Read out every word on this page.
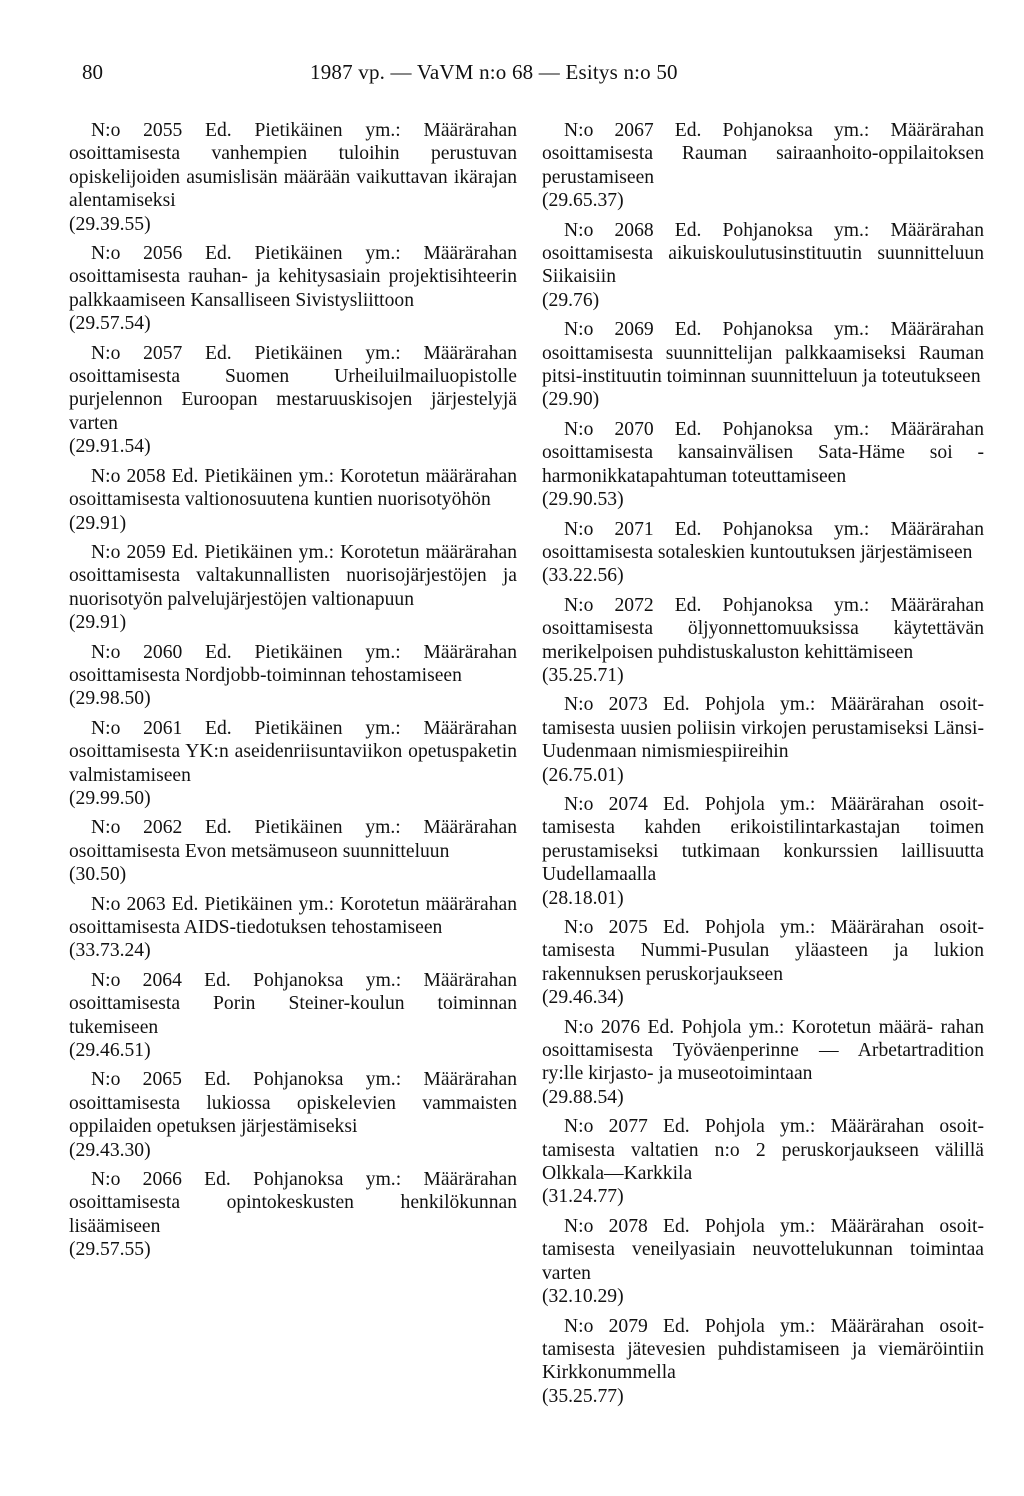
80	1987 vp. — VaVM n:o 68 — Esitys n:o 50
N:o 2055 Ed. Pietikäinen ym.: Määrärahan osoittamisesta vanhempien tuloihin perustuvan opiskelijoiden asumislisän määrään vaikuttavan ikärajan alentamiseksi
(29.39.55)
N:o 2056 Ed. Pietikäinen ym.: Määrärahan osoittamisesta rauhan- ja kehitysasiain projektisihteerin palkkaamiseen Kansalliseen Sivistysliittoon
(29.57.54)
N:o 2057 Ed. Pietikäinen ym.: Määrärahan osoittamisesta Suomen Urheiluilmailuopistolle purjelennon Euroopan mestaruuskisojen järjestelyjä varten
(29.91.54)
N:o 2058 Ed. Pietikäinen ym.: Korotetun määrärahan osoittamisesta valtionosuutena kuntien nuorisotyöhön
(29.91)
N:o 2059 Ed. Pietikäinen ym.: Korotetun määrärahan osoittamisesta valtakunnallisten nuorisojärjestöjen ja nuorisotyön palvelujärjestöjen valtionapuun
(29.91)
N:o 2060 Ed. Pietikäinen ym.: Määrärahan osoittamisesta Nordjobb-toiminnan tehostamiseen
(29.98.50)
N:o 2061 Ed. Pietikäinen ym.: Määrärahan osoittamisesta YK:n aseidenriisuntaviikon opetuspaketin valmistamiseen
(29.99.50)
N:o 2062 Ed. Pietikäinen ym.: Määrärahan osoittamisesta Evon metsämuseon suunnitteluun
(30.50)
N:o 2063 Ed. Pietikäinen ym.: Korotetun määrärahan osoittamisesta AIDS-tiedotuksen tehostamiseen
(33.73.24)
N:o 2064 Ed. Pohjanoksa ym.: Määrärahan osoittamisesta Porin Steiner-koulun toiminnan tukemiseen
(29.46.51)
N:o 2065 Ed. Pohjanoksa ym.: Määrärahan osoittamisesta lukiossa opiskelevien vammaisten oppilaiden opetuksen järjestämiseksi
(29.43.30)
N:o 2066 Ed. Pohjanoksa ym.: Määrärahan osoittamisesta opintokeskusten henkilökunnan lisäämiseen
(29.57.55)
N:o 2067 Ed. Pohjanoksa ym.: Määrärahan osoittamisesta Rauman sairaanhoito-oppilaitoksen perustamiseen
(29.65.37)
N:o 2068 Ed. Pohjanoksa ym.: Määrärahan osoittamisesta aikuiskoulutusinstituutin suunnitteluun Siikaisiin
(29.76)
N:o 2069 Ed. Pohjanoksa ym.: Määrärahan osoittamisesta suunnittelijan palkkaamiseksi Rauman pitsi-instituutin toiminnan suunnitteluun ja toteutukseen
(29.90)
N:o 2070 Ed. Pohjanoksa ym.: Määrärahan osoittamisesta kansainvälisen Sata-Häme soi -harmonikkatapahtuman toteuttamiseen
(29.90.53)
N:o 2071 Ed. Pohjanoksa ym.: Määrärahan osoittamisesta sotaleskien kuntoutuksen järjestämiseen
(33.22.56)
N:o 2072 Ed. Pohjanoksa ym.: Määrärahan osoittamisesta öljyonnettomuuksissa käytettävän merikelpoisen puhdistuskaluston kehittämiseen
(35.25.71)
N:o 2073 Ed. Pohjola ym.: Määrärahan osoit- tamisesta uusien poliisin virkojen perustamiseksi Länsi-Uudenmaan nimismiespiireihin
(26.75.01)
N:o 2074 Ed. Pohjola ym.: Määrärahan osoit- tamisesta kahden erikoistilintarkastajan toimen perustamiseksi tutkimaan konkurssien laillisuutta Uudellamaalla
(28.18.01)
N:o 2075 Ed. Pohjola ym.: Määrärahan osoit- tamisesta Nummi-Pusulan yläasteen ja lukion rakennuksen peruskorjaukseen
(29.46.34)
N:o 2076 Ed. Pohjola ym.: Korotetun määrä- rahan osoittamisesta Työväenperinne — Arbetartradition ry:lle kirjasto- ja museotoimintaan
(29.88.54)
N:o 2077 Ed. Pohjola ym.: Määrärahan osoit- tamisesta valtatien n:o 2 peruskorjaukseen välillä Olkkala—Karkkila
(31.24.77)
N:o 2078 Ed. Pohjola ym.: Määrärahan osoit- tamisesta veneilyasiain neuvottelukunnan toimintaa varten
(32.10.29)
N:o 2079 Ed. Pohjola ym.: Määrärahan osoit- tamisesta jätevesien puhdistamiseen ja viemäröintiin Kirkkonummella
(35.25.77)
